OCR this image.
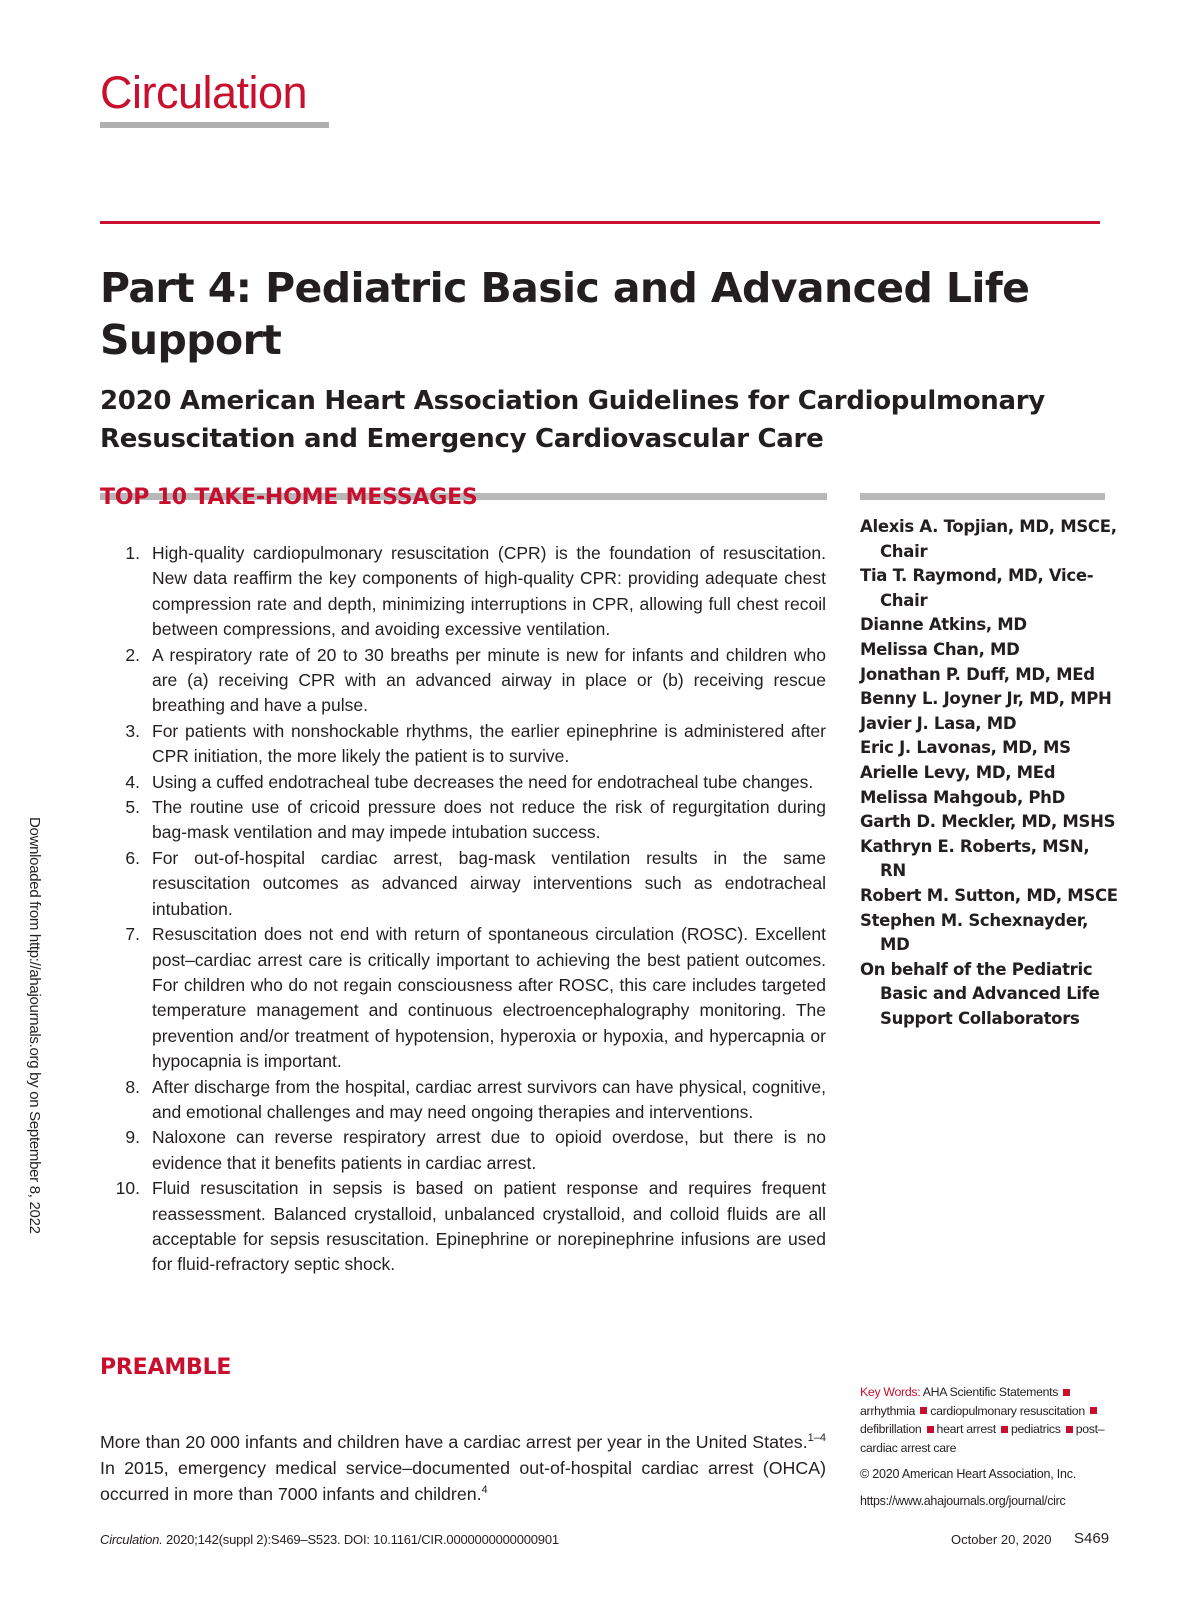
Circulation
Part 4: Pediatric Basic and Advanced Life Support
2020 American Heart Association Guidelines for Cardiopulmonary Resuscitation and Emergency Cardiovascular Care
TOP 10 TAKE-HOME MESSAGES
1. High-quality cardiopulmonary resuscitation (CPR) is the foundation of resuscitation. New data reaffirm the key components of high-quality CPR: providing adequate chest compression rate and depth, minimizing interruptions in CPR, allowing full chest recoil between compressions, and avoiding excessive ventilation.
2. A respiratory rate of 20 to 30 breaths per minute is new for infants and children who are (a) receiving CPR with an advanced airway in place or (b) receiving rescue breathing and have a pulse.
3. For patients with nonshockable rhythms, the earlier epinephrine is administered after CPR initiation, the more likely the patient is to survive.
4. Using a cuffed endotracheal tube decreases the need for endotracheal tube changes.
5. The routine use of cricoid pressure does not reduce the risk of regurgitation during bag-mask ventilation and may impede intubation success.
6. For out-of-hospital cardiac arrest, bag-mask ventilation results in the same resuscitation outcomes as advanced airway interventions such as endotracheal intubation.
7. Resuscitation does not end with return of spontaneous circulation (ROSC). Excellent post–cardiac arrest care is critically important to achieving the best patient outcomes. For children who do not regain consciousness after ROSC, this care includes targeted temperature management and continuous electroencephalography monitoring. The prevention and/or treatment of hypotension, hyperoxia or hypoxia, and hypercapnia or hypocapnia is important.
8. After discharge from the hospital, cardiac arrest survivors can have physical, cognitive, and emotional challenges and may need ongoing therapies and interventions.
9. Naloxone can reverse respiratory arrest due to opioid overdose, but there is no evidence that it benefits patients in cardiac arrest.
10. Fluid resuscitation in sepsis is based on patient response and requires frequent reassessment. Balanced crystalloid, unbalanced crystalloid, and colloid fluids are all acceptable for sepsis resuscitation. Epinephrine or norepinephrine infusions are used for fluid-refractory septic shock.
PREAMBLE

More than 20 000 infants and children have a cardiac arrest per year in the United States.$^{1-4}$ In 2015, emergency medical service–documented out-of-hospital cardiac arrest (OHCA) occurred in more than 7000 infants and children.$^4$

Alexis A. Topjian, MD, MSCE, Chair
Tia T. Raymond, MD, Vice-Chair
Dianne Atkins, MD
Melissa Chan, MD
Jonathan P. Duff, MD, MEd
Benny L. Joyner Jr, MD, MPH
Javier J. Lasa, MD
Eric J. Lavonas, MD, MS
Arielle Levy, MD, MEd
Melissa Mahgoub, PhD
Garth D. Meckler, MD, MSHS
Kathryn E. Roberts, MSN, RN
Robert M. Sutton, MD, MSCE
Stephen M. Schexnayder, MD
On behalf of the Pediatric Basic and Advanced Life Support Collaborators
Key Words: AHA Scientific Statements arrhythmia cardiopulmonary resuscitation defibrillation heart arrest pediatrics post–cardiac arrest care
© 2020 American Heart Association, Inc.
https://www.ahajournals.org/journal/circ
Downloaded from http://ahajournals.org by on September 8, 2022
Circulation. 2020;142(suppl 2):S469–S523. DOI: 10.1161/CIR.0000000000000901	October 20, 2020 S469
